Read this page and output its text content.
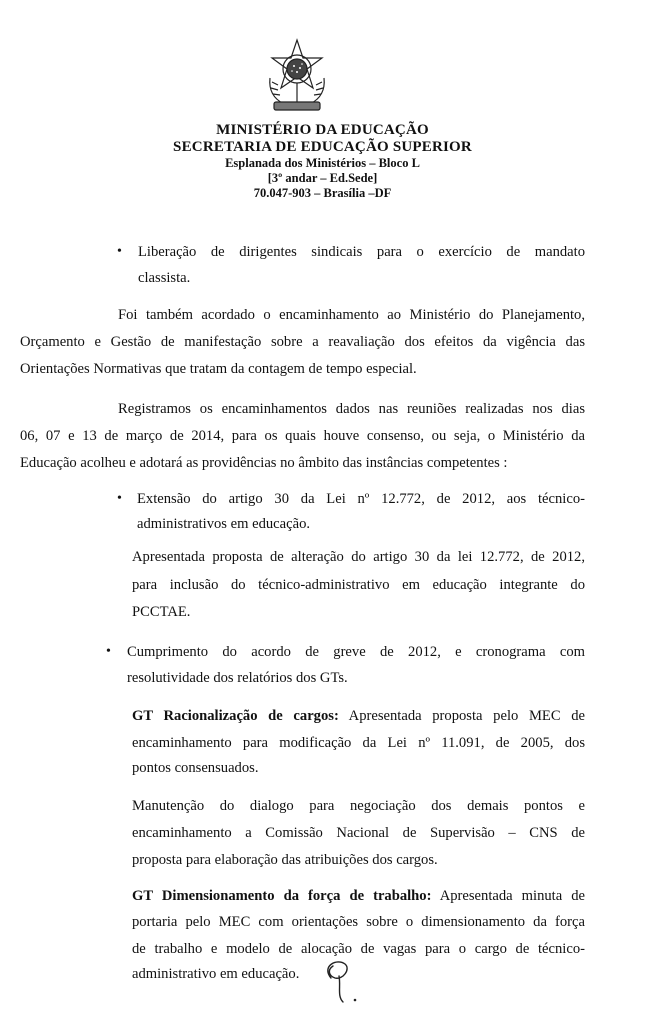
MINISTÉRIO DA EDUCAÇÃO
SECRETARIA DE EDUCAÇÃO SUPERIOR
Esplanada dos Ministérios – Bloco L
[3º andar – Ed.Sede]
70.047-903 – Brasília –DF
• Liberação de dirigentes sindicais para o exercício de mandato
classista.
Foi também acordado o encaminhamento ao Ministério do Planejamento,
Orçamento e Gestão de manifestação sobre a reavaliação dos efeitos da vigência das
Orientações Normativas que tratam da contagem de tempo especial.
Registramos os encaminhamentos dados nas reuniões realizadas nos dias
06, 07 e 13 de março de 2014, para os quais houve consenso, ou seja, o Ministério da
Educação acolheu e adotará as providências no âmbito das instâncias competentes :
• Extensão do artigo 30 da Lei nº 12.772, de 2012, aos técnico-
administrativos em educação.
Apresentada proposta de alteração do artigo 30 da lei 12.772, de 2012,
para inclusão do técnico-administrativo em educação integrante do
PCCTAE.
• Cumprimento do acordo de greve de 2012, e cronograma com
resolutividade dos relatórios dos GTs.
GT Racionalização de cargos: Apresentada proposta pelo MEC de
encaminhamento para modificação da Lei nº 11.091, de 2005, dos
pontos consensuados.
Manutenção do dialogo para negociação dos demais pontos e
encaminhamento a Comissão Nacional de Supervisão – CNS de
proposta para elaboração das atribuições dos cargos.
GT Dimensionamento da força de trabalho: Apresentada minuta de
portaria pelo MEC com orientações sobre o dimensionamento da força
de trabalho e modelo de alocação de vagas para o cargo de técnico-
administrativo em educação.
